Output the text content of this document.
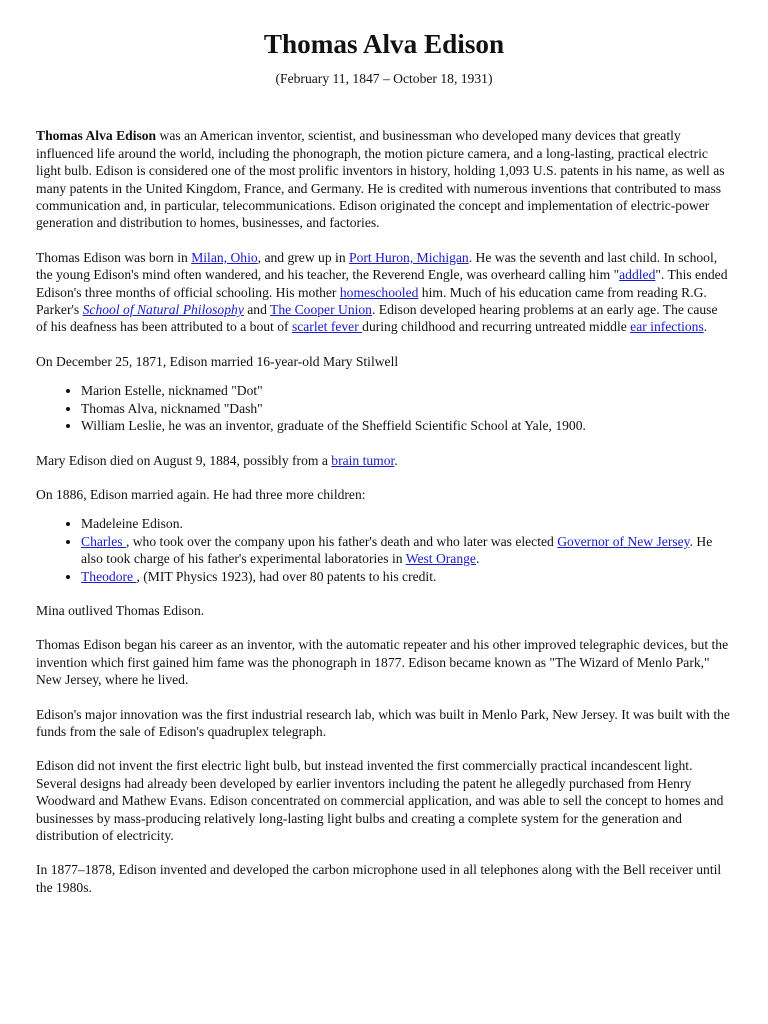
Thomas Alva Edison

(February 11, 1847 – October 18, 1931)

Thomas Alva Edison was an American inventor, scientist, and businessman who developed many devices that greatly influenced life around the world, including the phonograph, the motion picture camera, and a long-lasting, practical electric light bulb. Edison is considered one of the most prolific inventors in history, holding 1,093 U.S. patents in his name, as well as many patents in the United Kingdom, France, and Germany. He is credited with numerous inventions that contributed to mass communication and, in particular, telecommunications. Edison originated the concept and implementation of electric-power generation and distribution to homes, businesses, and factories.

Thomas Edison was born in Milan, Ohio, and grew up in Port Huron, Michigan. He was the seventh and last child. In school, the young Edison's mind often wandered, and his teacher, the Reverend Engle, was overheard calling him "addled". This ended Edison's three months of official schooling. His mother homeschooled him. Much of his education came from reading R.G. Parker's School of Natural Philosophy and The Cooper Union. Edison developed hearing problems at an early age. The cause of his deafness has been attributed to a bout of scarlet fever during childhood and recurring untreated middle ear infections.

On December 25, 1871, Edison married 16-year-old Mary Stilwell

• Marion Estelle, nicknamed "Dot"
• Thomas Alva, nicknamed "Dash"
• William Leslie, he was an inventor, graduate of the Sheffield Scientific School at Yale, 1900.

Mary Edison died on August 9, 1884, possibly from a brain tumor.

On 1886, Edison married again. He had three more children:

• Madeleine Edison.
• Charles , who took over the company upon his father's death and who later was elected Governor of New Jersey. He also took charge of his father's experimental laboratories in West Orange.
• Theodore , (MIT Physics 1923), had over 80 patents to his credit.

Mina outlived Thomas Edison.

Thomas Edison began his career as an inventor, with the automatic repeater and his other improved telegraphic devices, but the invention which first gained him fame was the phonograph in 1877. Edison became known as "The Wizard of Menlo Park," New Jersey, where he lived.

Edison's major innovation was the first industrial research lab, which was built in Menlo Park, New Jersey. It was built with the funds from the sale of Edison's quadruplex telegraph.

Edison did not invent the first electric light bulb, but instead invented the first commercially practical incandescent light. Several designs had already been developed by earlier inventors including the patent he allegedly purchased from Henry Woodward and Mathew Evans. Edison concentrated on commercial application, and was able to sell the concept to homes and businesses by mass-producing relatively long-lasting light bulbs and creating a complete system for the generation and distribution of electricity.

In 1877–1878, Edison invented and developed the carbon microphone used in all telephones along with the Bell receiver until the 1980s.
